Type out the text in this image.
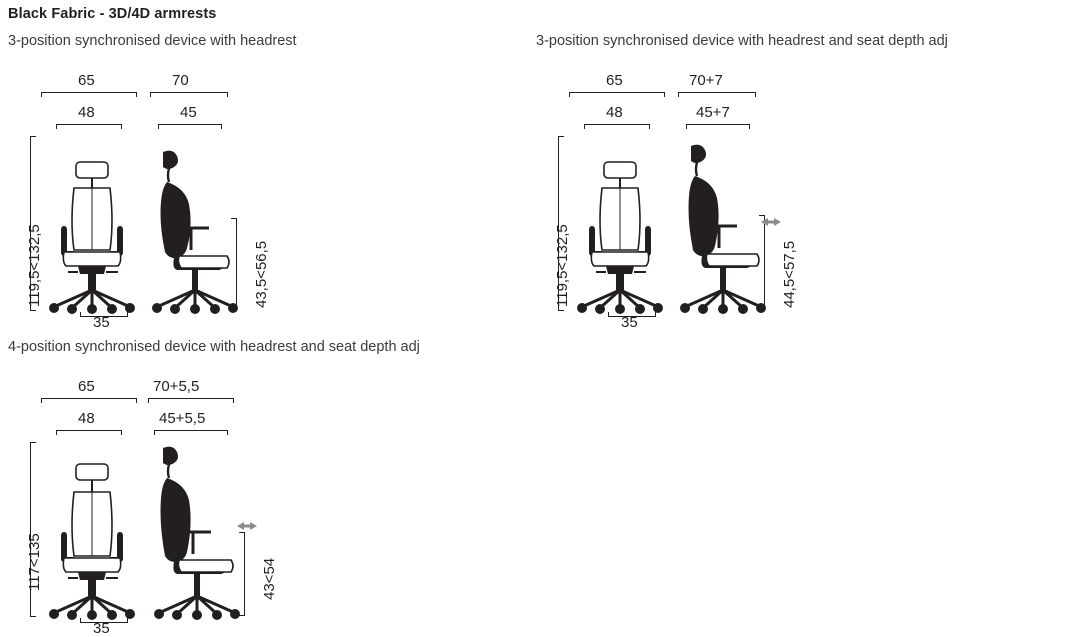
Black Fabric - 3D/4D armrests
3-position synchronised device with headrest	3-position synchronised device with headrest and seat depth adj
4-position synchronised device with headrest and seat depth adj
65	70
48	45
119,5<132,5	43,5<56,5
35
65	70+7
48	45+7
119,5<132,5	44,5<57,5
35
65	70+5,5
48	45+5,5
117<135	43<54
35
